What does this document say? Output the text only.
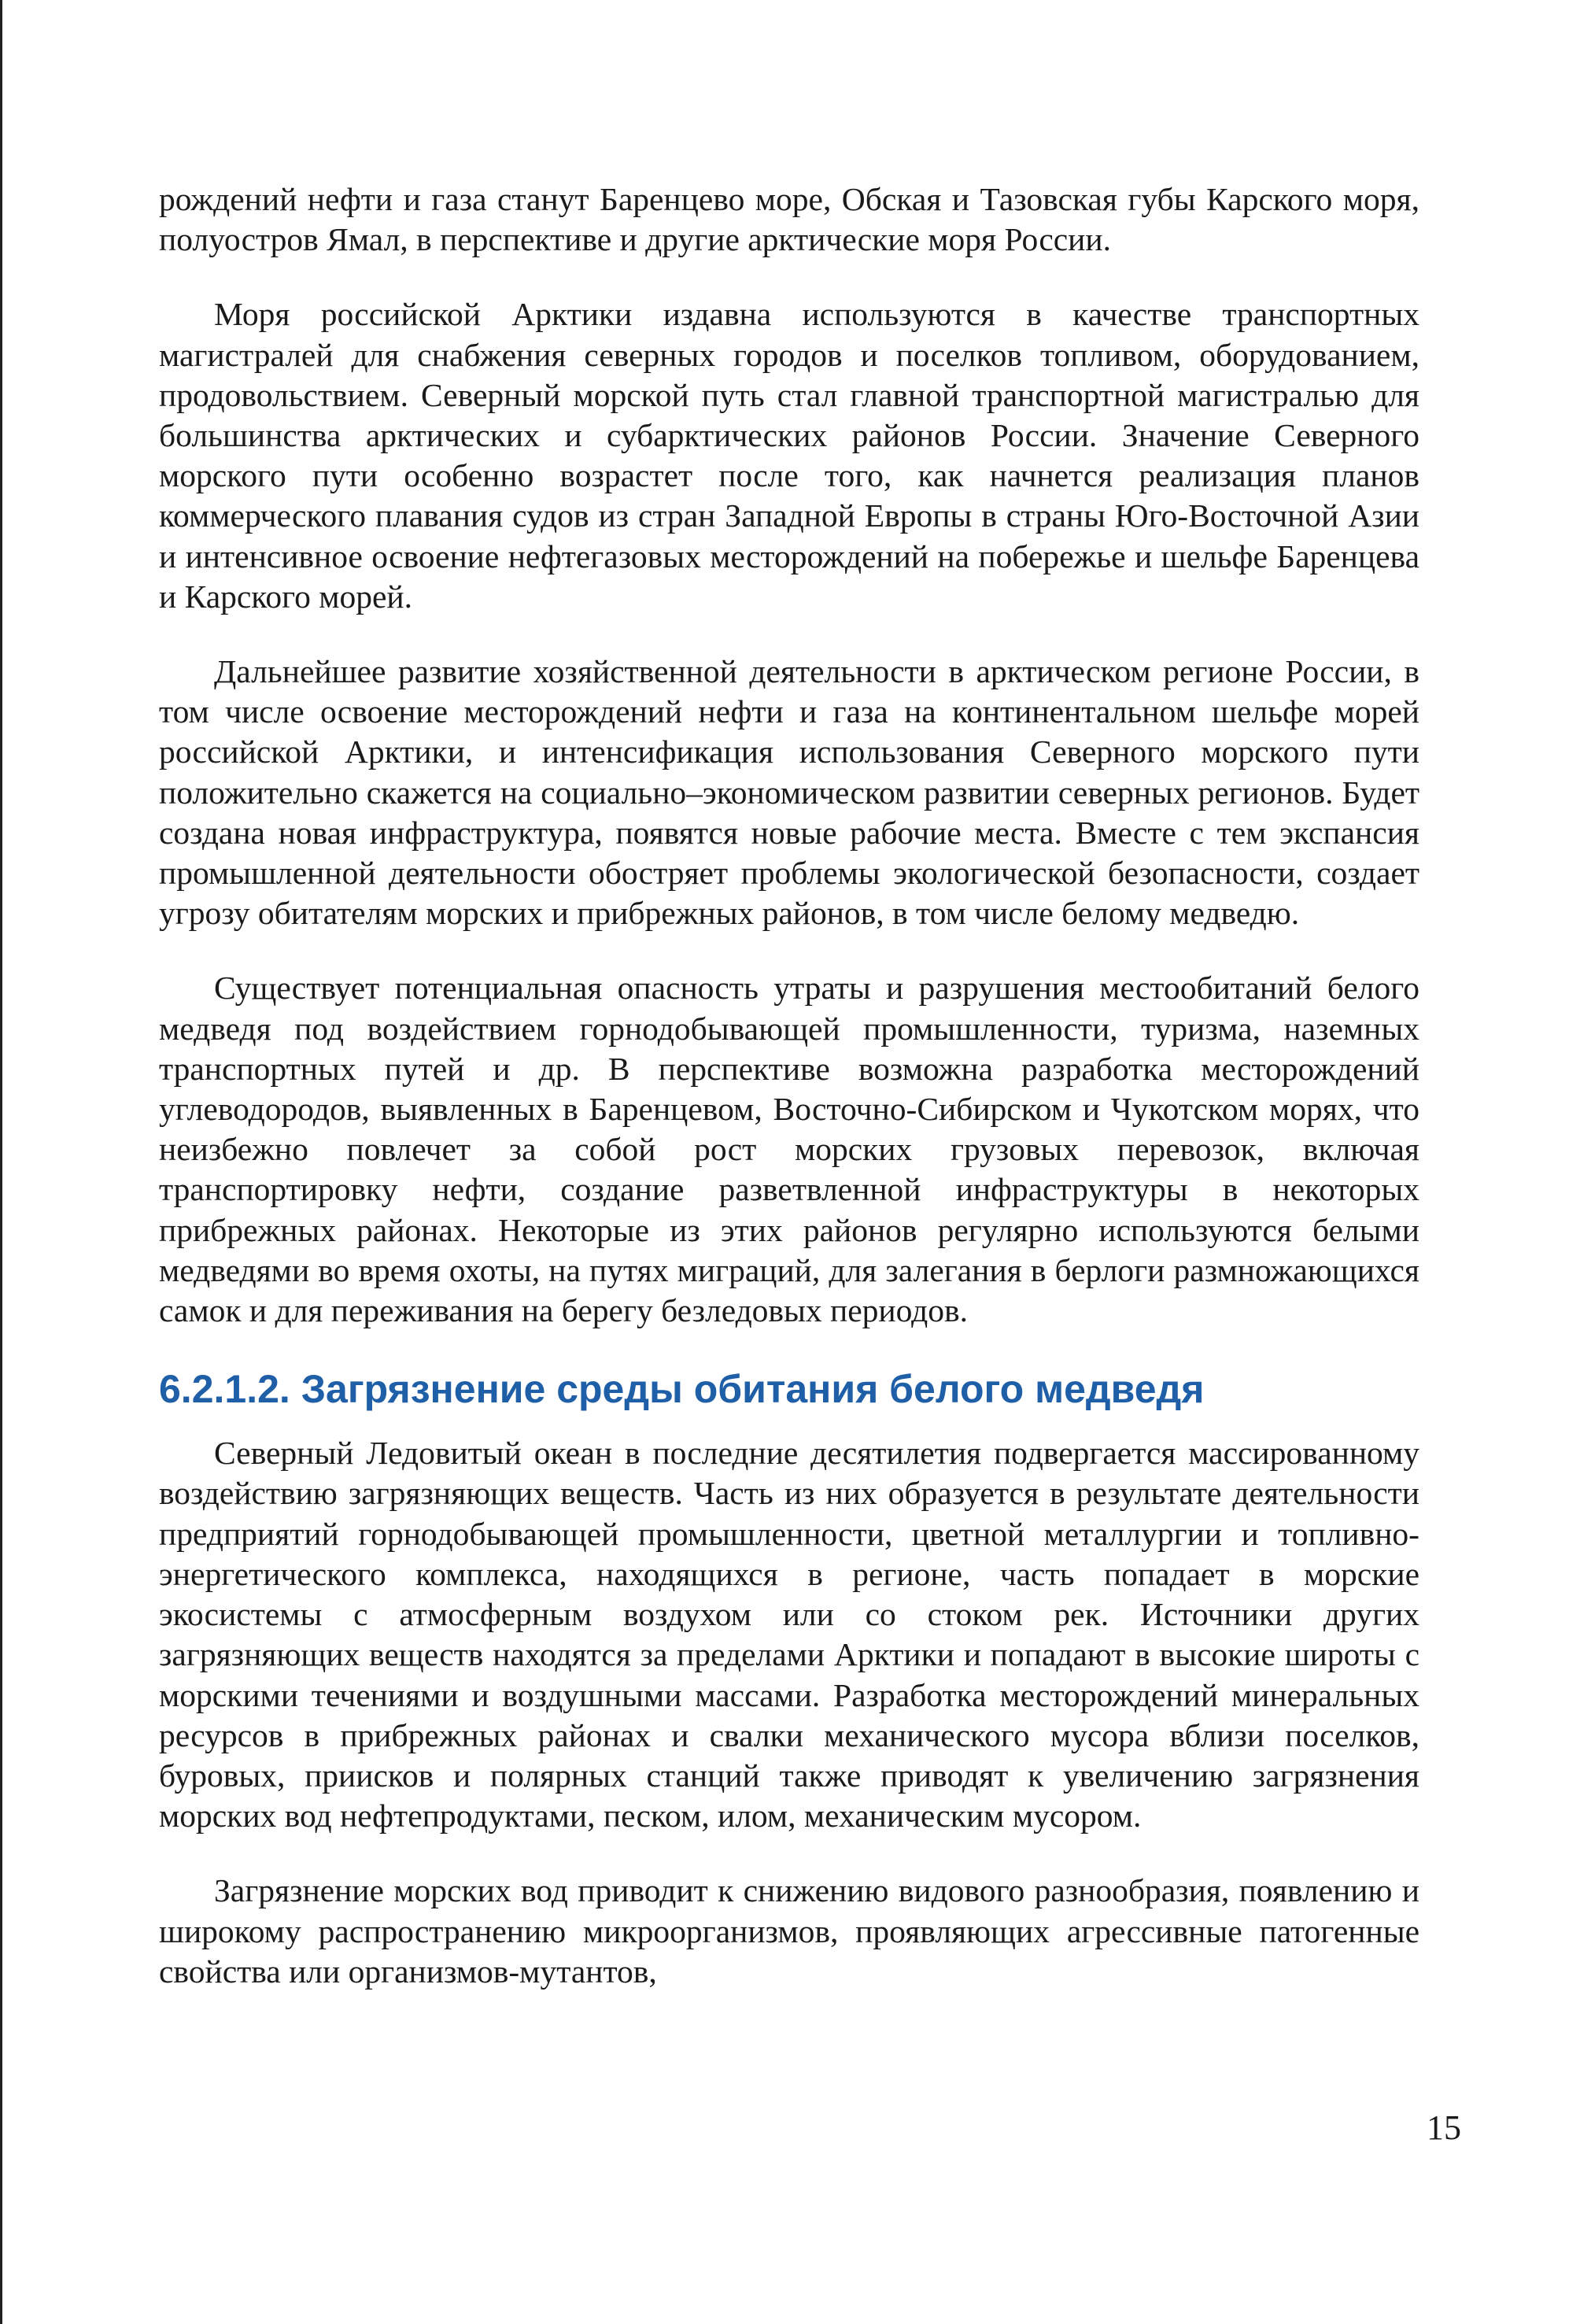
рождений нефти и газа станут Баренцево море, Обская и Тазовская губы Карского моря, полуостров Ямал, в перспективе и другие арктические моря России.

Моря российской Арктики издавна используются в качестве транспортных магистралей для снабжения северных городов и поселков топливом, оборудованием, продовольствием. Северный морской путь стал главной транспортной магистралью для большинства арктических и субарктических районов России. Значение Северного морского пути особенно возрастет после того, как начнется реализация планов коммерческого плавания судов из стран Западной Европы в страны Юго-Восточной Азии и интенсивное освоение нефтегазовых месторождений на побережье и шельфе Баренцева и Карского морей.

Дальнейшее развитие хозяйственной деятельности в арктическом регионе России, в том числе освоение месторождений нефти и газа на континентальном шельфе морей российской Арктики, и интенсификация использования Северного морского пути положительно скажется на социально–экономическом развитии северных регионов. Будет создана новая инфраструктура, появятся новые рабочие места. Вместе с тем экспансия промышленной деятельности обостряет проблемы экологической безопасности, создает угрозу обитателям морских и прибрежных районов, в том числе белому медведю.

Существует потенциальная опасность утраты и разрушения местообитаний белого медведя под воздействием горнодобывающей промышленности, туризма, наземных транспортных путей и др. В перспективе возможна разработка месторождений углеводородов, выявленных в Баренцевом, Восточно-Сибирском и Чукотском морях, что неизбежно повлечет за собой рост морских грузовых перевозок, включая транспортировку нефти, создание разветвленной инфраструктуры в некоторых прибрежных районах. Некоторые из этих районов регулярно используются белыми медведями во время охоты, на путях миграций, для залегания в берлоги размножающихся самок и для переживания на берегу безледовых периодов.

6.2.1.2. Загрязнение среды обитания белого медведя

Северный Ледовитый океан в последние десятилетия подвергается массированному воздействию загрязняющих веществ. Часть из них образуется в результате деятельности предприятий горнодобывающей промышленности, цветной металлургии и топливно-энергетического комплекса, находящихся в регионе, часть попадает в морские экосистемы с атмосферным воздухом или со стоком рек. Источники других загрязняющих веществ находятся за пределами Арктики и попадают в высокие широты с морскими течениями и воздушными массами. Разработка месторождений минеральных ресурсов в прибрежных районах и свалки механического мусора вблизи поселков, буровых, приисков и полярных станций также приводят к увеличению загрязнения морских вод нефтепродуктами, песком, илом, механическим мусором.

Загрязнение морских вод приводит к снижению видового разнообразия, появлению и широкому распространению микроорганизмов, проявляющих агрессивные патогенные свойства или организмов-мутантов,

15
